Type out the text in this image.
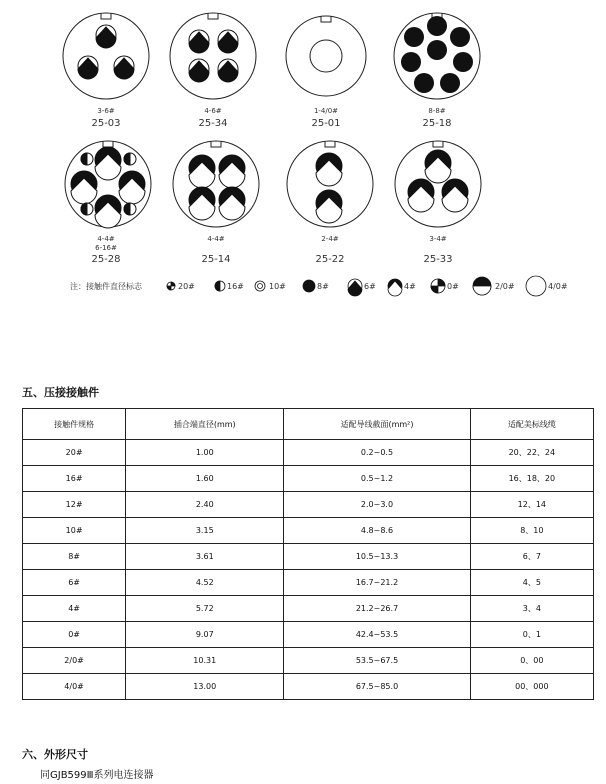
3-6#
25-03
4-6#
25-34
1-4/0#
25-01
8-8#
25-18
4-4#
6-16#
25-28
4-4#
25-14
2-4#
25-22
3-4#
25-33
注：接触件直径标志	20#	16#	10#	8#	6#	4#	0#	2/0#	4/0#
五、压接接触件
接触件规格	插合端直径(mm)	适配导线截面(mm²)	适配美标线缆
20#	1.00	0.2~0.5	20、22、24
16#	1.60	0.5~1.2	16、18、20
12#	2.40	2.0~3.0	12、14
10#	3.15	4.8~8.6	8、10
8#	3.61	10.5~13.3	6、7
6#	4.52	16.7~21.2	4、5
4#	5.72	21.2~26.7	3、4
0#	9.07	42.4~53.5	0、1
2/0#	10.31	53.5~67.5	0、00
4/0#	13.00	67.5~85.0	00、000
六、外形尺寸
同GJB599Ⅲ系列电连接器
